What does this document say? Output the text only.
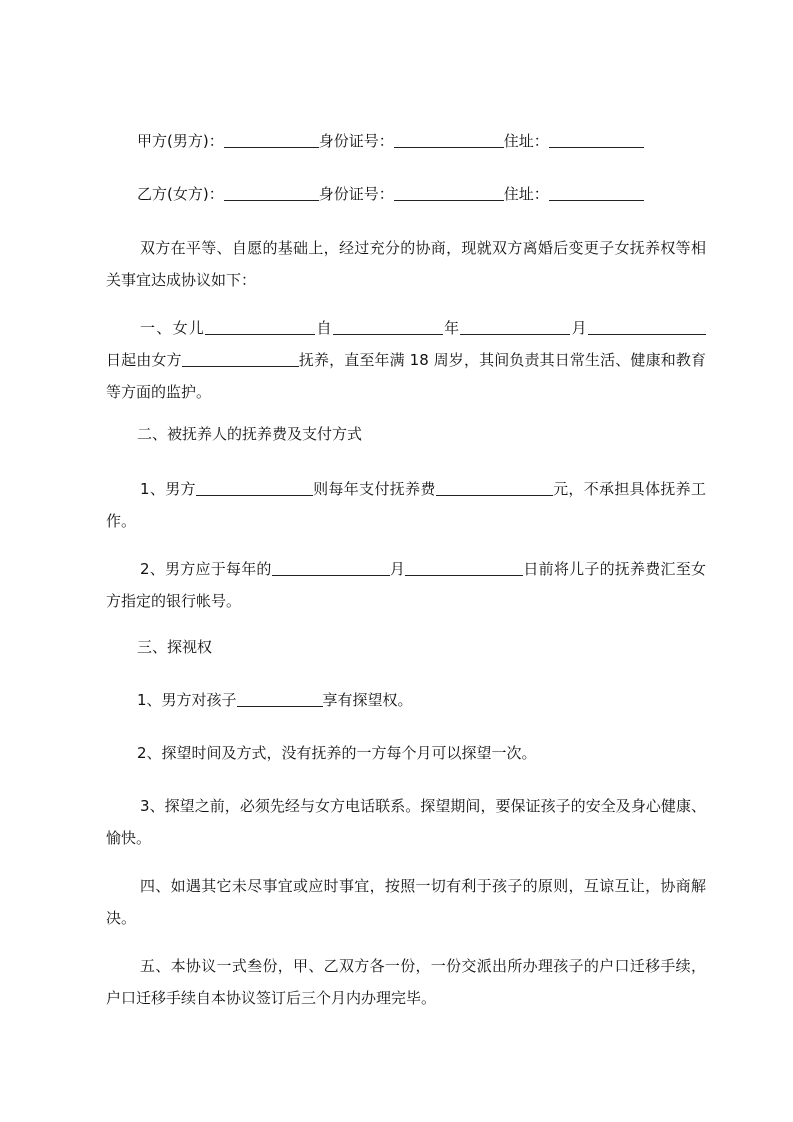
甲方(男方)：	身份证号：	住址：
乙方(女方)：	身份证号：	住址：
双方在平等、自愿的基础上，经过充分的协商，现就双方离婚后变更子女抚养权等相关事宜达成协议如下：
一、女儿	自	年	月日起由女方	抚养，直至年满 18 周岁，其间负责其日常生活、健康和教育等方面的监护。
二、被抚养人的抚养费及支付方式
1、男方	则每年支付抚养费	元，不承担具体抚养工作。
2、男方应于每年的	月	日前将儿子的抚养费汇至女方指定的银行帐号。
三、探视权
1、男方对孩子	享有探望权。
2、探望时间及方式，没有抚养的一方每个月可以探望一次。
3、探望之前，必须先经与女方电话联系。探望期间，要保证孩子的安全及身心健康、愉快。
四、如遇其它未尽事宜或应时事宜，按照一切有利于孩子的原则，互谅互让，协商解决。
五、本协议一式叁份，甲、乙双方各一份，一份交派出所办理孩子的户口迁移手续，户口迁移手续自本协议签订后三个月内办理完毕。
